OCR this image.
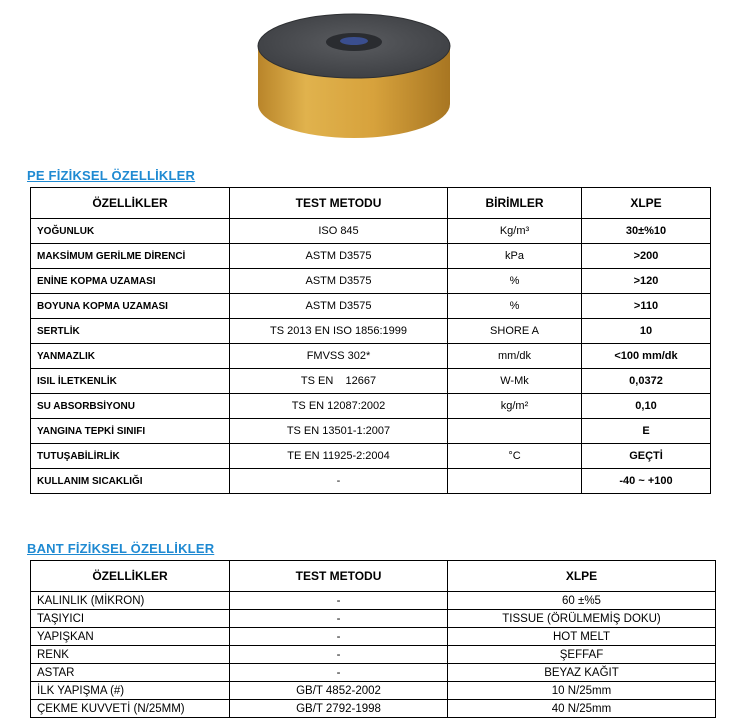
PE FİZİKSEL ÖZELLİKLER
ÖZELLİKLER	TEST METODU	BİRİMLER	XLPE
YOĞUNLUK	ISO 845	Kg/m³	30±%10
MAKSİMUM GERİLME DİRENCİ	ASTM D3575	kPa	>200
ENİNE KOPMA UZAMASI	ASTM D3575	%	>120
BOYUNA KOPMA UZAMASI	ASTM D3575	%	>110
SERTLİK	TS 2013 EN ISO 1856:1999	SHORE A	10
YANMAZLIK	FMVSS 302*	mm/dk	<100 mm/dk
ISIL İLETKENLİK	TS EN    12667	W-Mk	0,0372
SU ABSORBSİYONU	TS EN 12087:2002	kg/m²	0,10
YANGINA TEPKİ SINIFI	TS EN 13501-1:2007		E
TUTUŞABİLİRLİK	TE EN 11925-2:2004	°C	GEÇTİ
KULLANIM SICAKLIĞI	-		-40 ~ +100
BANT FİZİKSEL ÖZELLİKLER
ÖZELLİKLER	TEST METODU	XLPE
KALINLIK (MİKRON)	-	60 ±%5
TAŞIYICI	-	TISSUE (ÖRÜLMEMİŞ DOKU)
YAPIŞKAN	-	HOT MELT
RENK	-	ŞEFFAF
ASTAR	-	BEYAZ KAĞIT
İLK YAPIŞMA (#)	GB/T 4852-2002	10 N/25mm
ÇEKME KUVVETİ (N/25MM)	GB/T 2792-1998	40 N/25mm
